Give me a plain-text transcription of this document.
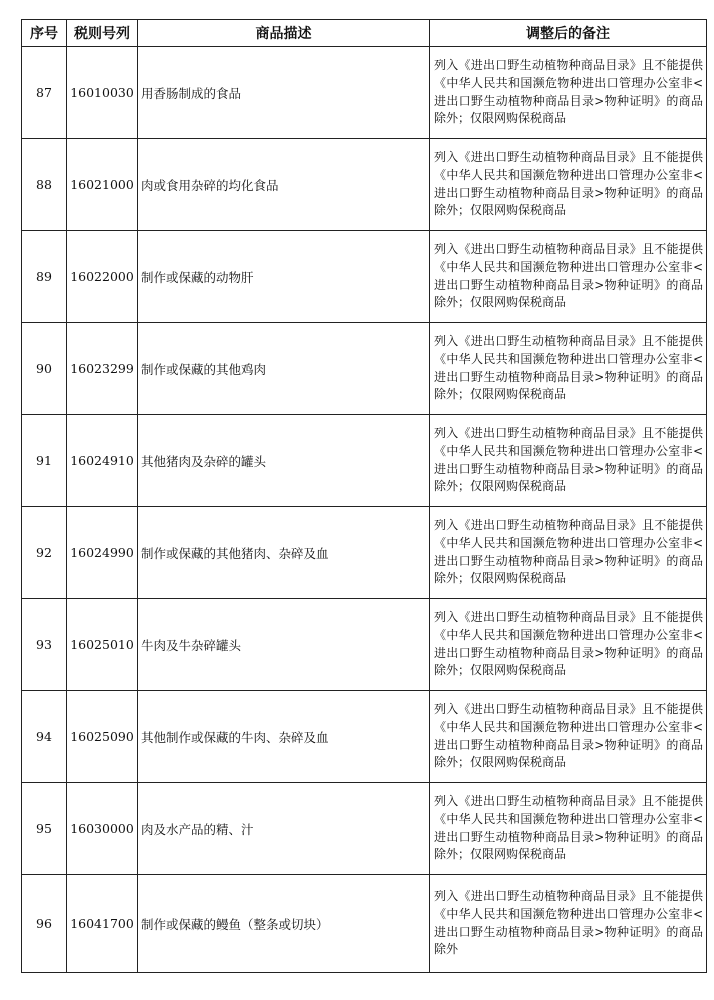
序号	税则号列	商品描述	调整后的备注
87	16010030	用香肠制成的食品	列入《进出口野生动植物种商品目录》且不能提供《中华人民共和国濒危物种进出口管理办公室非<进出口野生动植物种商品目录>物种证明》的商品除外；仅限网购保税商品
88	16021000	肉或食用杂碎的均化食品	列入《进出口野生动植物种商品目录》且不能提供《中华人民共和国濒危物种进出口管理办公室非<进出口野生动植物种商品目录>物种证明》的商品除外；仅限网购保税商品
89	16022000	制作或保藏的动物肝	列入《进出口野生动植物种商品目录》且不能提供《中华人民共和国濒危物种进出口管理办公室非<进出口野生动植物种商品目录>物种证明》的商品除外；仅限网购保税商品
90	16023299	制作或保藏的其他鸡肉	列入《进出口野生动植物种商品目录》且不能提供《中华人民共和国濒危物种进出口管理办公室非<进出口野生动植物种商品目录>物种证明》的商品除外；仅限网购保税商品
91	16024910	其他猪肉及杂碎的罐头	列入《进出口野生动植物种商品目录》且不能提供《中华人民共和国濒危物种进出口管理办公室非<进出口野生动植物种商品目录>物种证明》的商品除外；仅限网购保税商品
92	16024990	制作或保藏的其他猪肉、杂碎及血	列入《进出口野生动植物种商品目录》且不能提供《中华人民共和国濒危物种进出口管理办公室非<进出口野生动植物种商品目录>物种证明》的商品除外；仅限网购保税商品
93	16025010	牛肉及牛杂碎罐头	列入《进出口野生动植物种商品目录》且不能提供《中华人民共和国濒危物种进出口管理办公室非<进出口野生动植物种商品目录>物种证明》的商品除外；仅限网购保税商品
94	16025090	其他制作或保藏的牛肉、杂碎及血	列入《进出口野生动植物种商品目录》且不能提供《中华人民共和国濒危物种进出口管理办公室非<进出口野生动植物种商品目录>物种证明》的商品除外；仅限网购保税商品
95	16030000	肉及水产品的精、汁	列入《进出口野生动植物种商品目录》且不能提供《中华人民共和国濒危物种进出口管理办公室非<进出口野生动植物种商品目录>物种证明》的商品除外；仅限网购保税商品
96	16041700	制作或保藏的鳗鱼（整条或切块）	列入《进出口野生动植物种商品目录》且不能提供《中华人民共和国濒危物种进出口管理办公室非<进出口野生动植物种商品目录>物种证明》的商品除外
